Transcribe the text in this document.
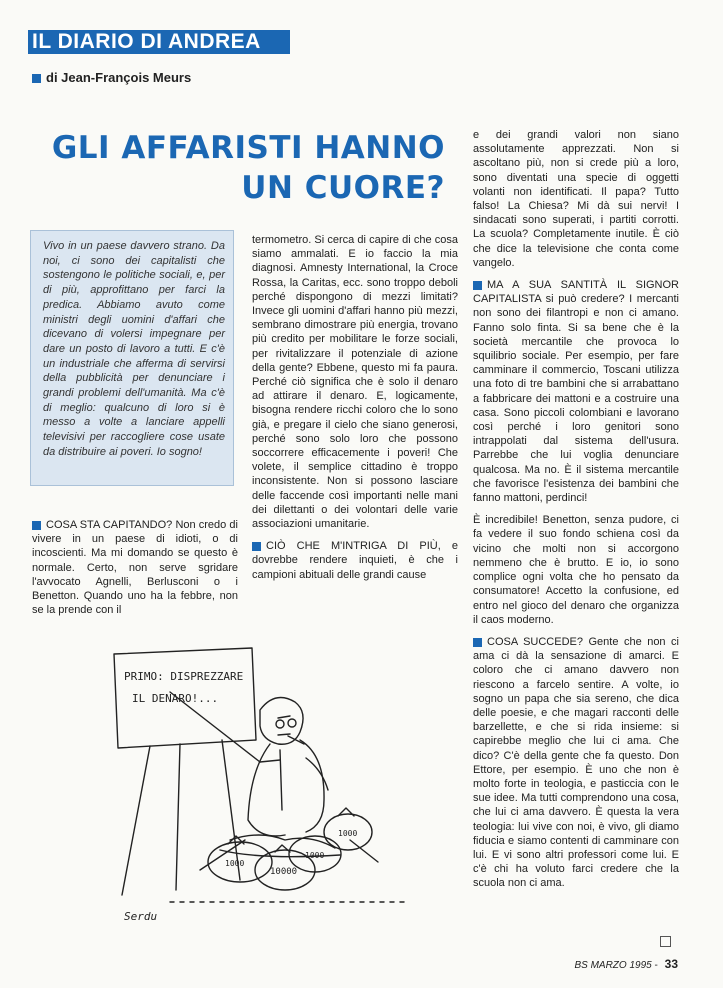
IL DIARIO DI ANDREA
di Jean-François Meurs
GLI AFFARISTI HANNO
UN CUORE?
Vivo in un paese davvero strano. Da noi, ci sono dei capitalisti che sostengono le politiche sociali, e, per di più, approfittano per farci la predica. Abbiamo avuto come ministri degli uomini d'affari che dicevano di volersi impegnare per dare un posto di lavoro a tutti. E c'è un industriale che afferma di servirsi della pubblicità per denunciare i grandi problemi dell'umanità. Ma c'è di meglio: qualcuno di loro si è messo a volte a lanciare appelli televisivi per raccogliere cose usate da distribuire ai poveri. Io sogno!

COSA STA CAPITANDO? Non credo di vivere in un paese di idioti, o di incoscienti. Ma mi domando se questo è normale. Certo, non serve sgridare l'avvocato Agnelli, Berlusconi o i Benetton. Quando uno ha la febbre, non se la prende con il

termometro. Si cerca di capire di che cosa siamo ammalati. E io faccio la mia diagnosi. Amnesty International, la Croce Rossa, la Caritas, ecc. sono troppo deboli perché dispongono di mezzi limitati? Invece gli uomini d'affari hanno più mezzi, sembrano dimostrare più energia, trovano più credito per mobilitare le forze sociali, per rivitalizzare il potenziale di azione della gente? Ebbene, questo mi fa paura. Perché ciò significa che è solo il denaro ad attirare il denaro. E, logicamente, bisogna rendere ricchi coloro che lo sono già, e pregare il cielo che siano generosi, perché sono solo loro che possono soccorrere efficacemente i poveri! Che volete, il semplice cittadino è troppo inconsistente. Non si possono lasciare delle faccende così importanti nelle mani dei dilettanti o dei volontari delle varie associazioni umanitarie.

CIÒ CHE M'INTRIGA DI PIÙ, e dovrebbe rendere inquieti, è che i campioni abituali delle grandi cause

e dei grandi valori non siano assolutamente apprezzati. Non si ascoltano più, non si crede più a loro, sono diventati una specie di oggetti volanti non identificati. Il papa? Tutto falso! La Chiesa? Mi dà sui nervi! I sindacati sono superati, i partiti corrotti. La scuola? Completamente inutile. È ciò che dice la televisione che conta come vangelo.

MA A SUA SANTITÀ IL SIGNOR CAPITALISTA si può credere? I mercanti non sono dei filantropi e non ci amano. Fanno solo finta. Si sa bene che è la società mercantile che provoca lo squilibrio sociale. Per esempio, per fare camminare il commercio, Toscani utilizza una foto di tre bambini che si arrabattano a fabbricare dei mattoni e a costruire una casa. Sono piccoli colombiani e lavorano così perché i loro genitori sono intrappolati dal sistema dell'usura. Parrebbe che lui voglia denunciare qualcosa. Ma no. È il sistema mercantile che favorisce l'esistenza dei bambini che fanno mattoni, perdinci!

È incredibile! Benetton, senza pudore, ci fa vedere il suo fondo schiena così da vicino che molti non si accorgono nemmeno che è brutto. E io, io sono complice ogni volta che ho pensato da consumatore! Accetto la confusione, ed entro nel gioco del denaro che organizza il caos moderno.

COSA SUCCEDE? Gente che non ci ama ci dà la sensazione di amarci. E coloro che ci amano davvero non riescono a farcelo sentire. A volte, io sogno un papa che sia sereno, che dica delle poesie, e che magari racconti delle barzellette, e che si rida insieme: si capirebbe meglio che lui ci ama. Che dico? C'è della gente che fa questo. Don Ettore, per esempio. È uno che non è molto forte in teologia, e pasticcia con le sue idee. Ma tutti comprendono una cosa, che lui ci ama davvero. È questa la vera teologia: lui vive con noi, è vivo, gli diamo fiducia e siamo contenti di camminare con lui. E vi sono altri professori come lui. E c'è chi ha voluto farci credere che la scuola non ci ama.

PRIMO: DISPREZZARE
IL DENARO!...
10000
1000
1000
1000
Serdu
BS MARZO 1995 - 33
